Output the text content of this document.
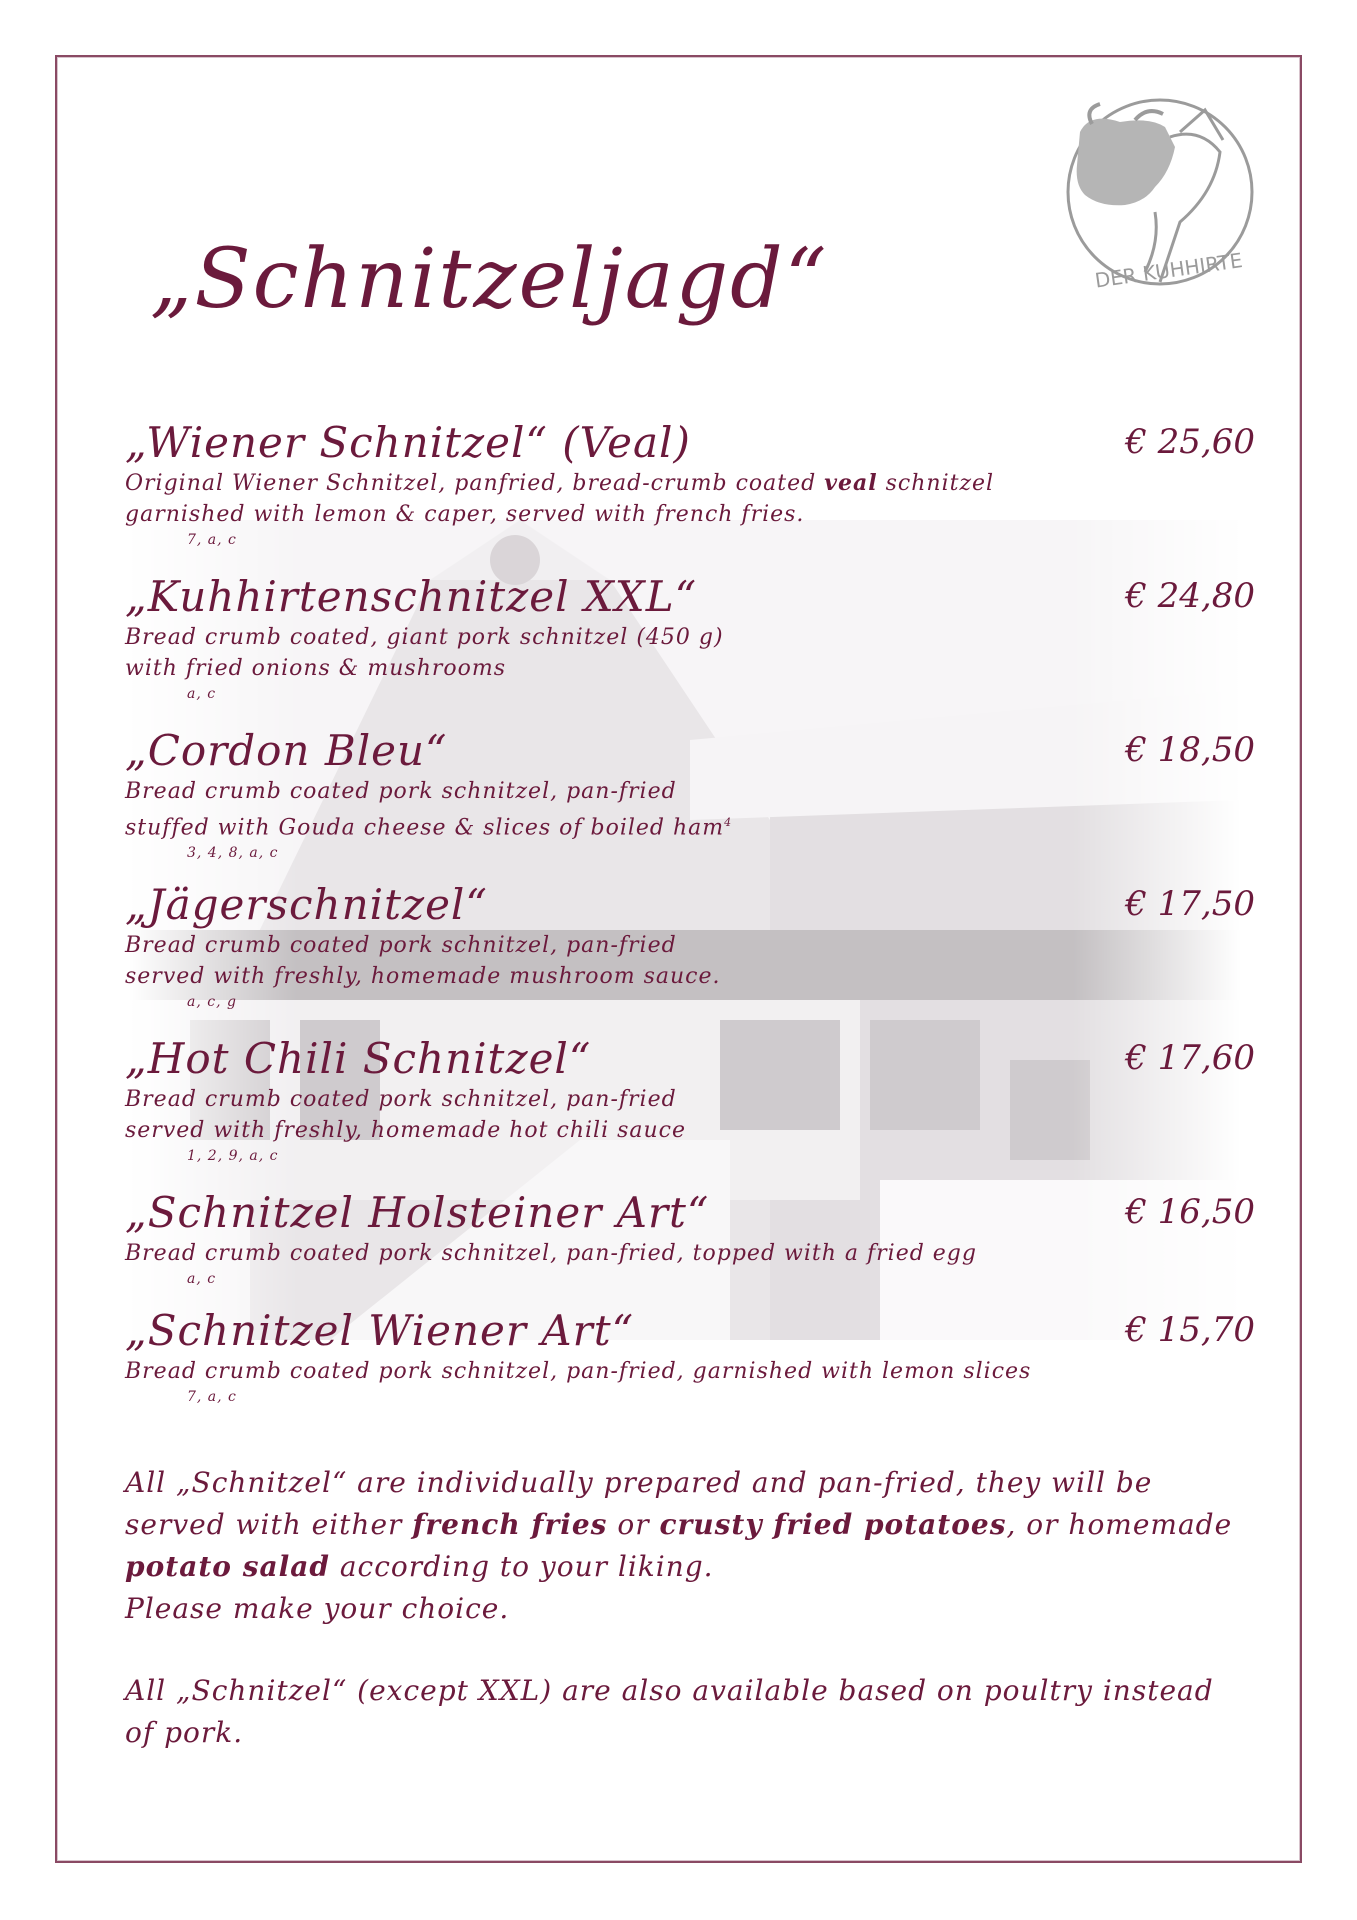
DER KUHHIRTE
„Schnitzeljagd“
„Wiener Schnitzel“ (Veal)	€ 25,60
Original Wiener Schnitzel, panfried, bread-crumb coated veal schnitzel
garnished with lemon & caper, served with french fries.
7, a, c
„Kuhhirtenschnitzel XXL“	€ 24,80
Bread crumb coated, giant pork schnitzel (450 g)
with fried onions & mushrooms
a, c
„Cordon Bleu“	€ 18,50
Bread crumb coated pork schnitzel, pan-fried
stuffed with Gouda cheese & slices of boiled ham$^4$
3, 4, 8, a, c
„Jägerschnitzel“	€ 17,50
Bread crumb coated pork schnitzel, pan-fried
served with freshly, homemade mushroom sauce.
a, c, g
„Hot Chili Schnitzel“	€ 17,60
Bread crumb coated pork schnitzel, pan-fried
served with freshly, homemade hot chili sauce
1, 2, 9, a, c
„Schnitzel Holsteiner Art“	€ 16,50
Bread crumb coated pork schnitzel, pan-fried, topped with a fried egg
a, c
„Schnitzel Wiener Art“	€ 15,70
Bread crumb coated pork schnitzel, pan-fried, garnished with lemon slices
7, a, c
All „Schnitzel“ are individually prepared and pan-fried, they will be served with either french fries or crusty fried potatoes, or homemade potato salad according to your liking.
Please make your choice.
All „Schnitzel“ (except XXL) are also available based on poultry instead of pork.
